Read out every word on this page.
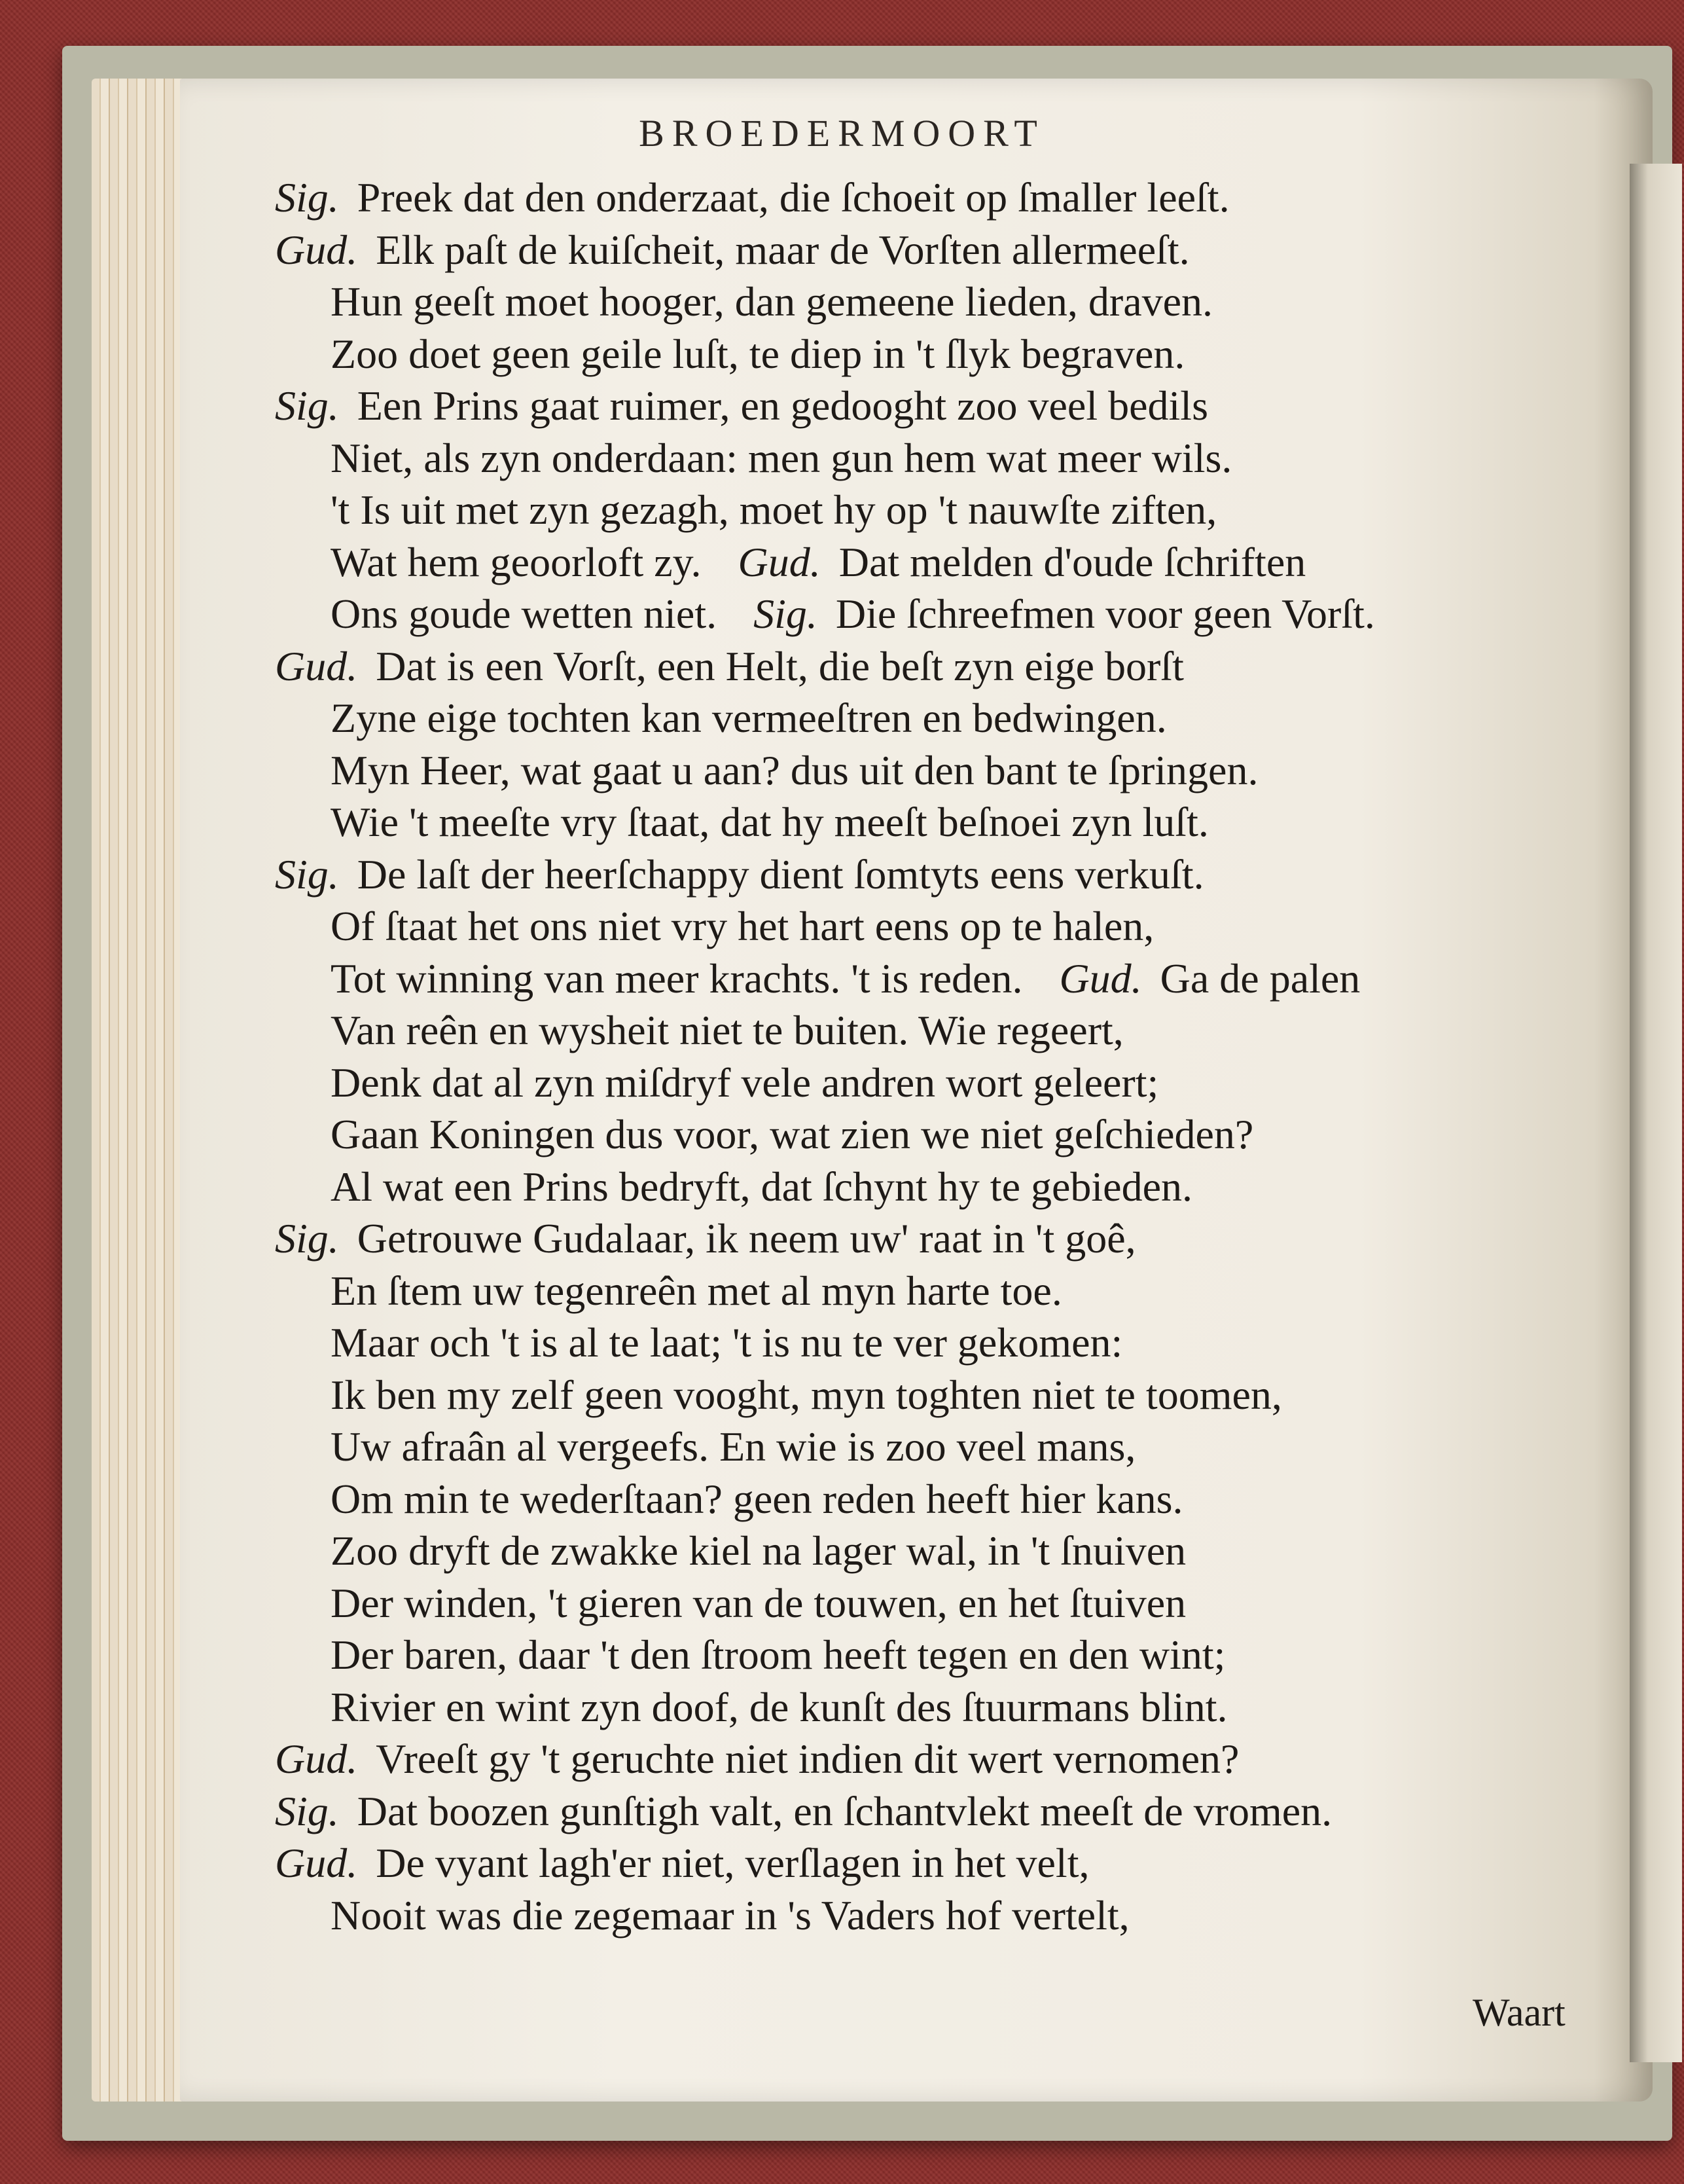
BROEDERMOORT
Sig. Preek dat den onderzaat, die ſchoeit op ſmaller leeſt.
Gud. Elk paſt de kuiſcheit, maar de Vorſten allermeeſt.
Hun geeſt moet hooger, dan gemeene lieden, draven.
Zoo doet geen geile luſt, te diep in 't ſlyk begraven.
Sig. Een Prins gaat ruimer, en gedooght zoo veel bedils
Niet, als zyn onderdaan: men gun hem wat meer wils.
't Is uit met zyn gezagh, moet hy op 't nauwſte ziften,
Wat hem geoorloft zy. Gud. Dat melden d'oude ſchriften
Ons goude wetten niet. Sig. Die ſchreefmen voor geen Vorſt.
Gud. Dat is een Vorſt, een Helt, die beſt zyn eige borſt
Zyne eige tochten kan vermeeſtren en bedwingen.
Myn Heer, wat gaat u aan? dus uit den bant te ſpringen.
Wie 't meeſte vry ſtaat, dat hy meeſt beſnoei zyn luſt.
Sig. De laſt der heerſchappy dient ſomtyts eens verkuſt.
Of ſtaat het ons niet vry het hart eens op te halen,
Tot winning van meer krachts. 't is reden. Gud. Ga de palen
Van reên en wysheit niet te buiten. Wie regeert,
Denk dat al zyn miſdryf vele andren wort geleert;
Gaan Koningen dus voor, wat zien we niet geſchieden?
Al wat een Prins bedryft, dat ſchynt hy te gebieden.
Sig. Getrouwe Gudalaar, ik neem uw' raat in 't goê,
En ſtem uw tegenreên met al myn harte toe.
Maar och 't is al te laat; 't is nu te ver gekomen:
Ik ben my zelf geen vooght, myn toghten niet te toomen,
Uw afraân al vergeefs. En wie is zoo veel mans,
Om min te wederſtaan? geen reden heeft hier kans.
Zoo dryft de zwakke kiel na lager wal, in 't ſnuiven
Der winden, 't gieren van de touwen, en het ſtuiven
Der baren, daar 't den ſtroom heeft tegen en den wint;
Rivier en wint zyn doof, de kunſt des ſtuurmans blint.
Gud. Vreeſt gy 't geruchte niet indien dit wert vernomen?
Sig. Dat boozen gunſtigh valt, en ſchantvlekt meeſt de vromen.
Gud. De vyant lagh'er niet, verſlagen in het velt,
Nooit was die zegemaar in 's Vaders hof vertelt,
Waart
